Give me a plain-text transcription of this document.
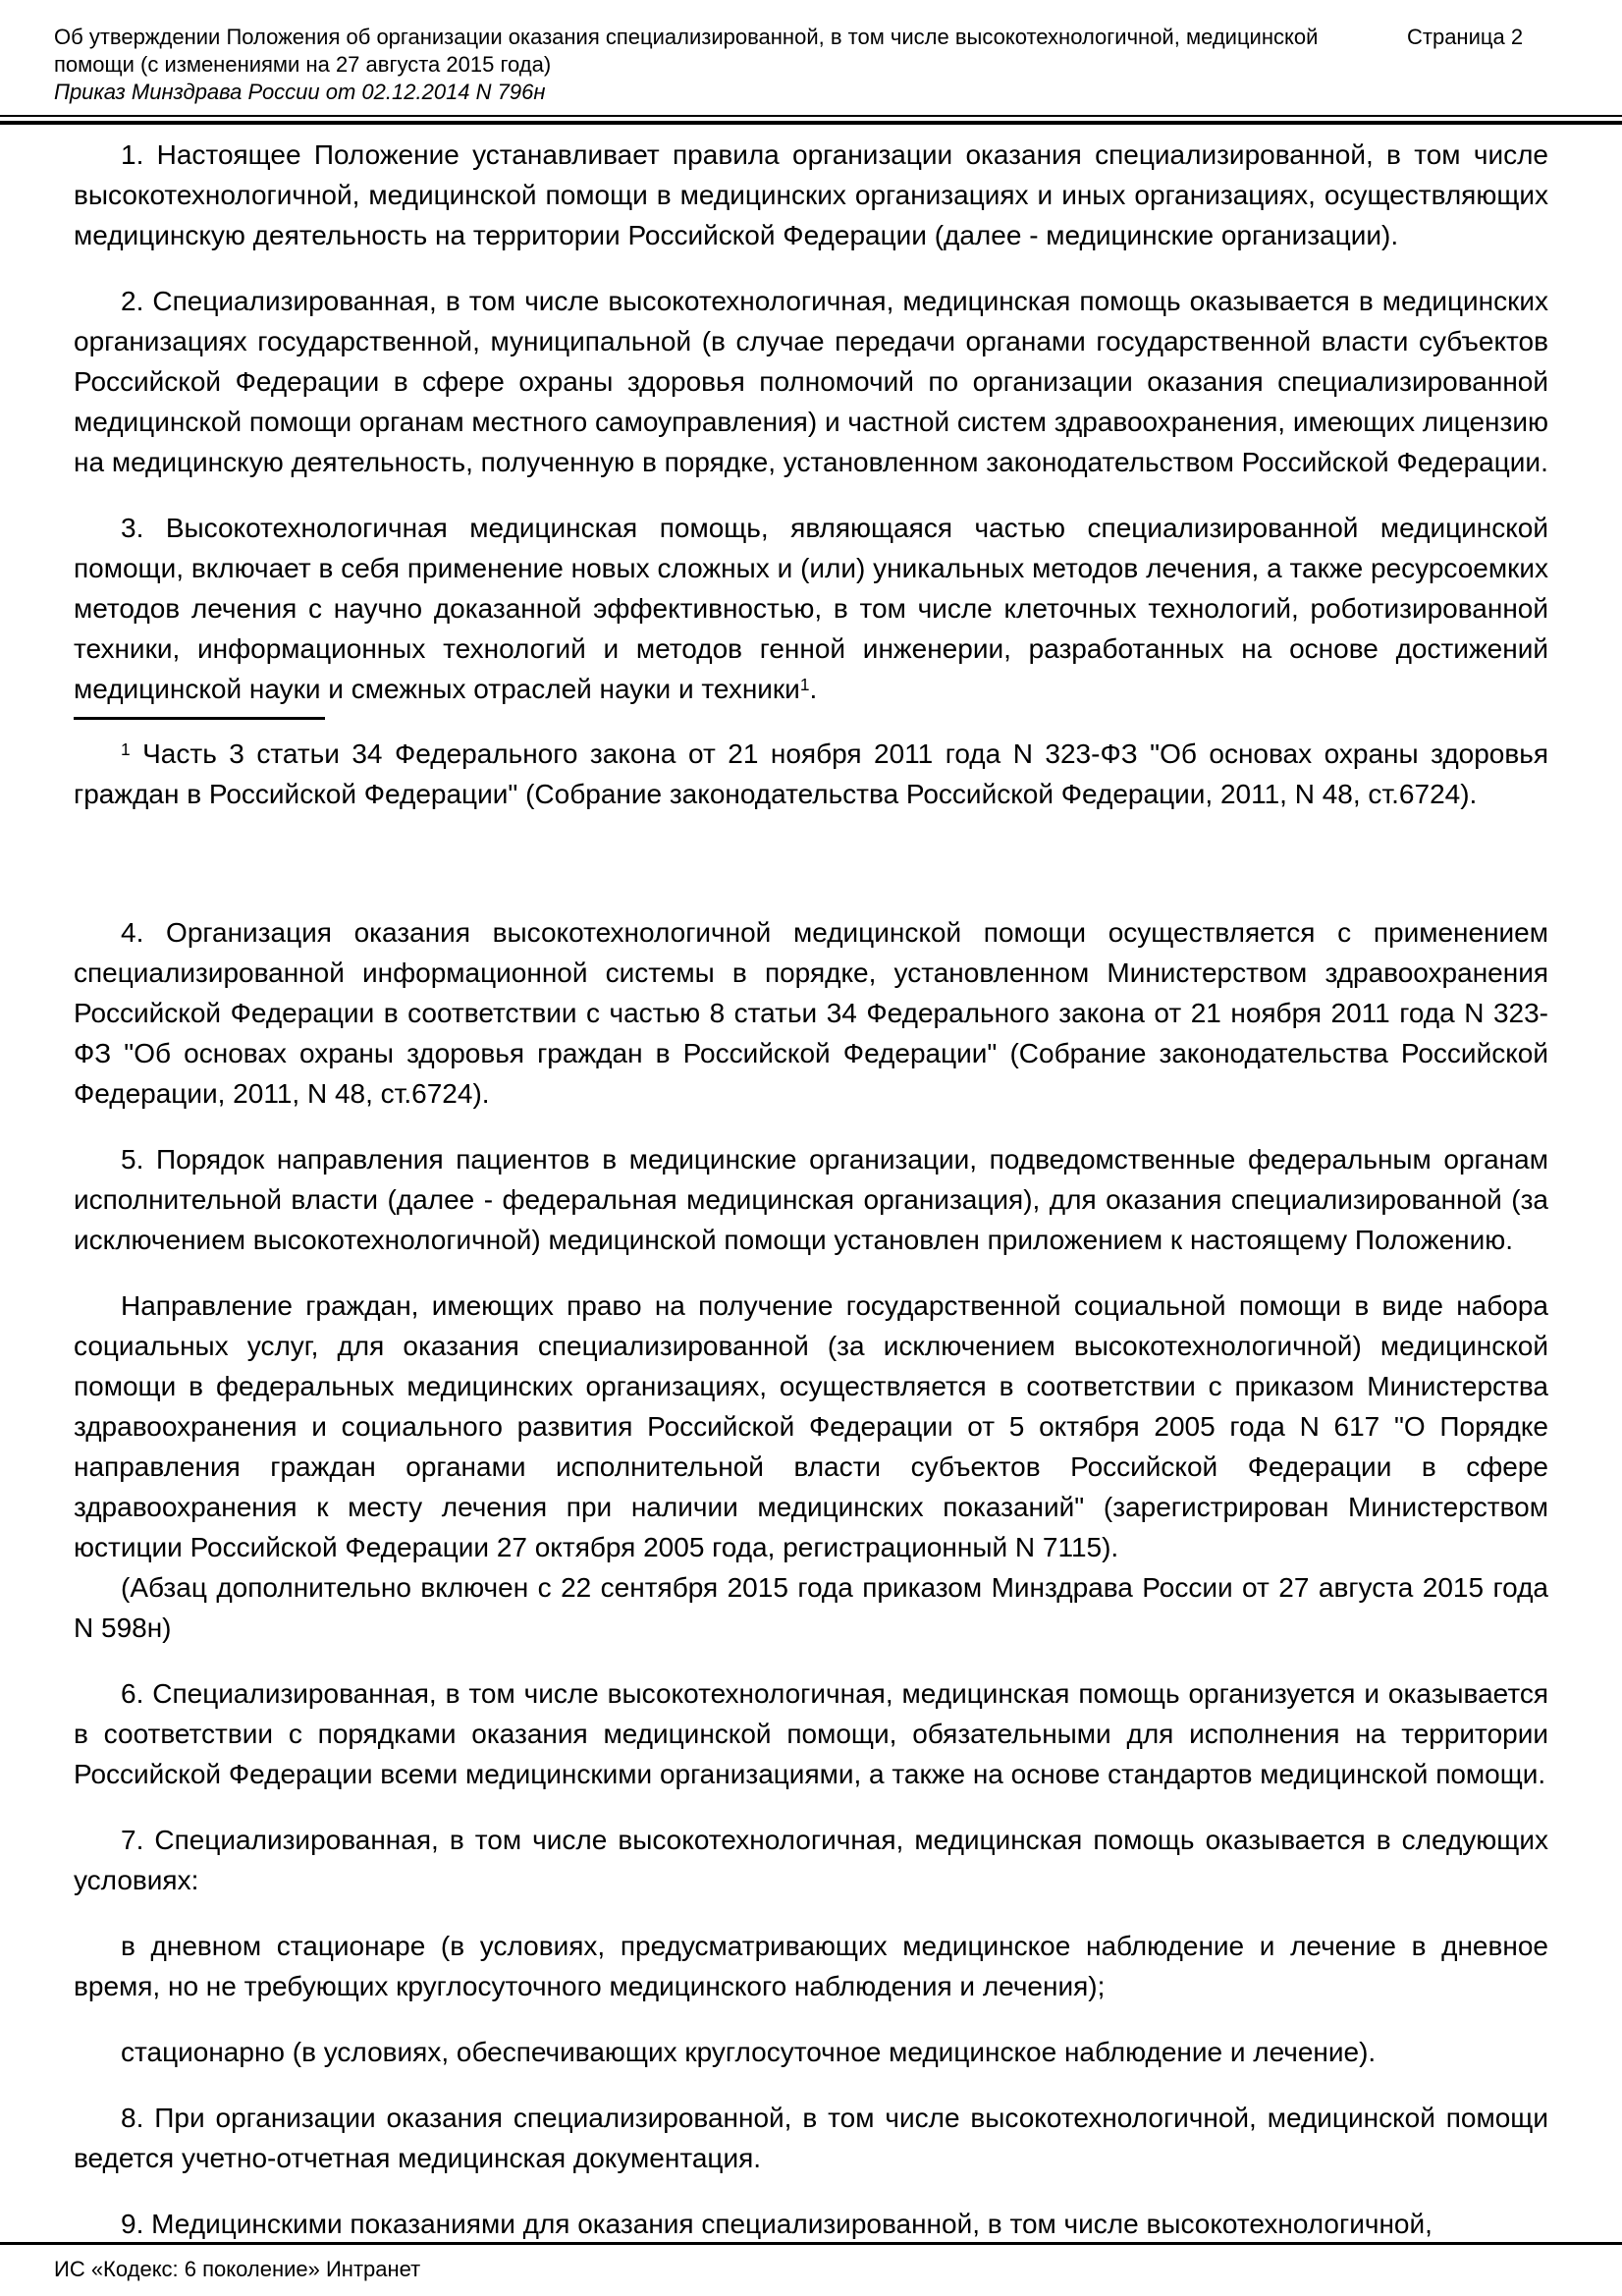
Об утверждении Положения об организации оказания специализированной, в том числе высокотехнологичной, медицинской помощи (с изменениями на 27 августа 2015 года)
Страница 2
Приказ Минздрава России от 02.12.2014 N 796н

1. Настоящее Положение устанавливает правила организации оказания специализированной, в том числе высокотехнологичной, медицинской помощи в медицинских организациях и иных организациях, осуществляющих медицинскую деятельность на территории Российской Федерации (далее - медицинские организации).

2. Специализированная, в том числе высокотехнологичная, медицинская помощь оказывается в медицинских организациях государственной, муниципальной (в случае передачи органами государственной власти субъектов Российской Федерации в сфере охраны здоровья полномочий по организации оказания специализированной медицинской помощи органам местного самоуправления) и частной систем здравоохранения, имеющих лицензию на медицинскую деятельность, полученную в порядке, установленном законодательством Российской Федерации.

3. Высокотехнологичная медицинская помощь, являющаяся частью специализированной медицинской помощи, включает в себя применение новых сложных и (или) уникальных методов лечения, а также ресурсоемких методов лечения с научно доказанной эффективностью, в том числе клеточных технологий, роботизированной техники, информационных технологий и методов генной инженерии, разработанных на основе достижений медицинской науки и смежных отраслей науки и техники$^1$.

$^1$ Часть 3 статьи 34 Федерального закона от 21 ноября 2011 года N 323-ФЗ "Об основах охраны здоровья граждан в Российской Федерации" (Собрание законодательства Российской Федерации, 2011, N 48, ст.6724).

4. Организация оказания высокотехнологичной медицинской помощи осуществляется с применением специализированной информационной системы в порядке, установленном Министерством здравоохранения Российской Федерации в соответствии с частью 8 статьи 34 Федерального закона от 21 ноября 2011 года N 323-ФЗ "Об основах охраны здоровья граждан в Российской Федерации" (Собрание законодательства Российской Федерации, 2011, N 48, ст.6724).

5. Порядок направления пациентов в медицинские организации, подведомственные федеральным органам исполнительной власти (далее - федеральная медицинская организация), для оказания специализированной (за исключением высокотехнологичной) медицинской помощи установлен приложением к настоящему Положению.

Направление граждан, имеющих право на получение государственной социальной помощи в виде набора социальных услуг, для оказания специализированной (за исключением высокотехнологичной) медицинской помощи в федеральных медицинских организациях, осуществляется в соответствии с приказом Министерства здравоохранения и социального развития Российской Федерации от 5 октября 2005 года N 617 "О Порядке направления граждан органами исполнительной власти субъектов Российской Федерации в сфере здравоохранения к месту лечения при наличии медицинских показаний" (зарегистрирован Министерством юстиции Российской Федерации 27 октября 2005 года, регистрационный N 7115).

(Абзац дополнительно включен с 22 сентября 2015 года приказом Минздрава России от 27 августа 2015 года N 598н)

6. Специализированная, в том числе высокотехнологичная, медицинская помощь организуется и оказывается в соответствии с порядками оказания медицинской помощи, обязательными для исполнения на территории Российской Федерации всеми медицинскими организациями, а также на основе стандартов медицинской помощи.

7. Специализированная, в том числе высокотехнологичная, медицинская помощь оказывается в следующих условиях:

в дневном стационаре (в условиях, предусматривающих медицинское наблюдение и лечение в дневное время, но не требующих круглосуточного медицинского наблюдения и лечения);

стационарно (в условиях, обеспечивающих круглосуточное медицинское наблюдение и лечение).

8. При организации оказания специализированной, в том числе высокотехнологичной, медицинской помощи ведется учетно-отчетная медицинская документация.

9. Медицинскими показаниями для оказания специализированной, в том числе высокотехнологичной,

ИС «Кодекс: 6 поколение» Интранет
